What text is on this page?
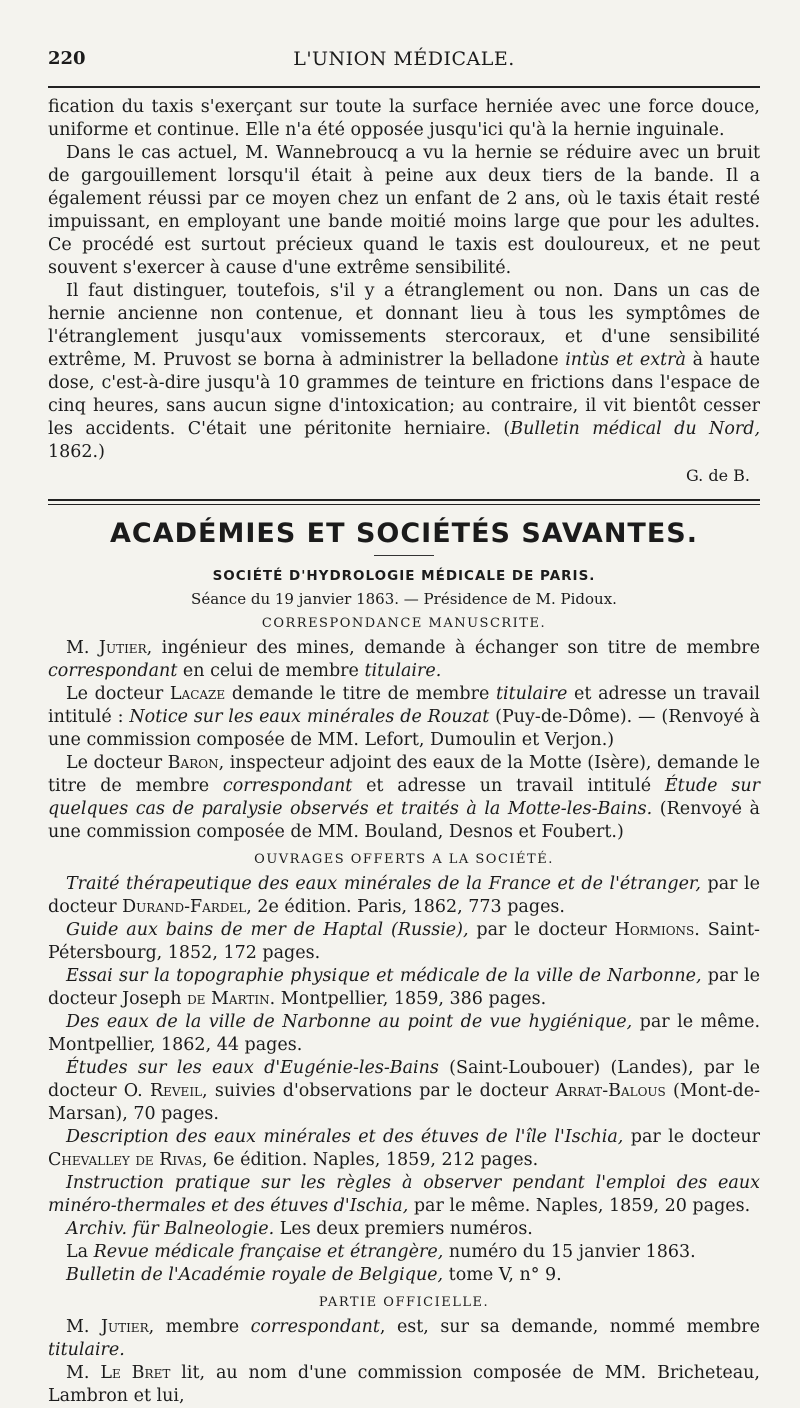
220	L'UNION MÉDICALE.

fication du taxis s'exerçant sur toute la surface herniée avec une force douce, uniforme et continue. Elle n'a été opposée jusqu'ici qu'à la hernie inguinale.

Dans le cas actuel, M. Wannebroucq a vu la hernie se réduire avec un bruit de gargouillement lorsqu'il était à peine aux deux tiers de la bande. Il a également réussi par ce moyen chez un enfant de 2 ans, où le taxis était resté impuissant, en employant une bande moitié moins large que pour les adultes. Ce procédé est surtout précieux quand le taxis est douloureux, et ne peut souvent s'exercer à cause d'une extrême sensibilité.

Il faut distinguer, toutefois, s'il y a étranglement ou non. Dans un cas de hernie ancienne non contenue, et donnant lieu à tous les symptômes de l'étranglement jusqu'aux vomissements stercoraux, et d'une sensibilité extrême, M. Pruvost se borna à administrer la belladone intùs et extrà à haute dose, c'est-à-dire jusqu'à 10 grammes de teinture en frictions dans l'espace de cinq heures, sans aucun signe d'intoxication; au contraire, il vit bientôt cesser les accidents. C'était une péritonite herniaire. (Bulletin médical du Nord, 1862.)

G. de B.
ACADÉMIES ET SOCIÉTÉS SAVANTES.
SOCIÉTÉ D'HYDROLOGIE MÉDICALE DE PARIS.
Séance du 19 janvier 1863. — Présidence de M. Pidoux.
CORRESPONDANCE MANUSCRITE.

M. Jutier, ingénieur des mines, demande à échanger son titre de membre correspondant en celui de membre titulaire.

Le docteur Lacaze demande le titre de membre titulaire et adresse un travail intitulé : Notice sur les eaux minérales de Rouzat (Puy-de-Dôme). — (Renvoyé à une commission composée de MM. Lefort, Dumoulin et Verjon.)

Le docteur Baron, inspecteur adjoint des eaux de la Motte (Isère), demande le titre de membre correspondant et adresse un travail intitulé Étude sur quelques cas de paralysie observés et traités à la Motte-les-Bains. (Renvoyé à une commission composée de MM. Bouland, Desnos et Foubert.)

OUVRAGES OFFERTS A LA SOCIÉTÉ.

Traité thérapeutique des eaux minérales de la France et de l'étranger, par le docteur Durand-Fardel, 2e édition. Paris, 1862, 773 pages.

Guide aux bains de mer de Haptal (Russie), par le docteur Hormions. Saint-Pétersbourg, 1852, 172 pages.

Essai sur la topographie physique et médicale de la ville de Narbonne, par le docteur Joseph de Martin. Montpellier, 1859, 386 pages.

Des eaux de la ville de Narbonne au point de vue hygiénique, par le même. Montpellier, 1862, 44 pages.

Études sur les eaux d'Eugénie-les-Bains (Saint-Loubouer) (Landes), par le docteur O. Reveil, suivies d'observations par le docteur Arrat-Balous (Mont-de-Marsan), 70 pages.

Description des eaux minérales et des étuves de l'île l'Ischia, par le docteur Chevalley de Rivas, 6e édition. Naples, 1859, 212 pages.

Instruction pratique sur les règles à observer pendant l'emploi des eaux minéro-thermales et des étuves d'Ischia, par le même. Naples, 1859, 20 pages.

Archiv. für Balneologie. Les deux premiers numéros.

La Revue médicale française et étrangère, numéro du 15 janvier 1863.

Bulletin de l'Académie royale de Belgique, tome V, n° 9.

PARTIE OFFICIELLE.

M. Jutier, membre correspondant, est, sur sa demande, nommé membre titulaire.

M. Le Bret lit, au nom d'une commission composée de MM. Bricheteau, Lambron et lui,
